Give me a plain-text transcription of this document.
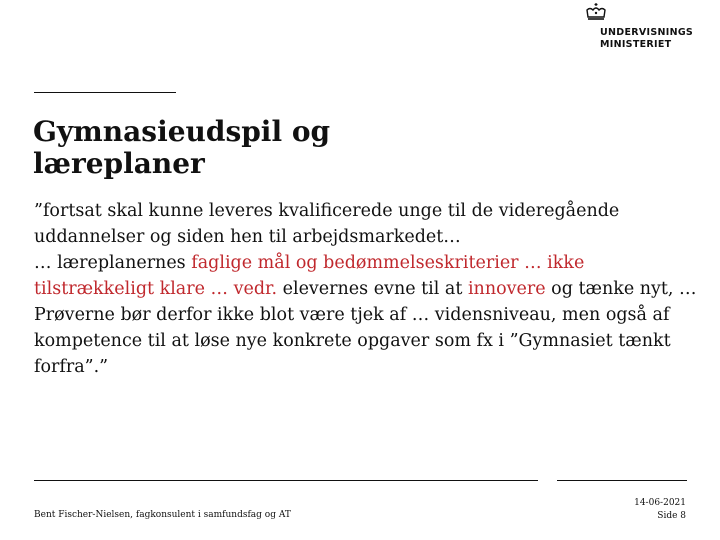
UNDERVISNINGS
MINISTERIET
Gymnasieudspil og
læreplaner

”fortsat skal kunne leveres kvalificerede unge til de videregående uddannelser og siden hen til arbejdsmarkedet…

… læreplanernes faglige mål og bedømmelseskriterier … ikke tilstrækkeligt klare … vedr. elevernes evne til at innovere og tænke nyt, …

Prøverne bør derfor ikke blot være tjek af … vidensniveau, men også af kompetence til at løse nye konkrete opgaver som fx i ”Gymnasiet tænkt forfra”.”

Bent Fischer-Nielsen, fagkonsulent i samfundsfag og AT
14-06-2021
Side 8
